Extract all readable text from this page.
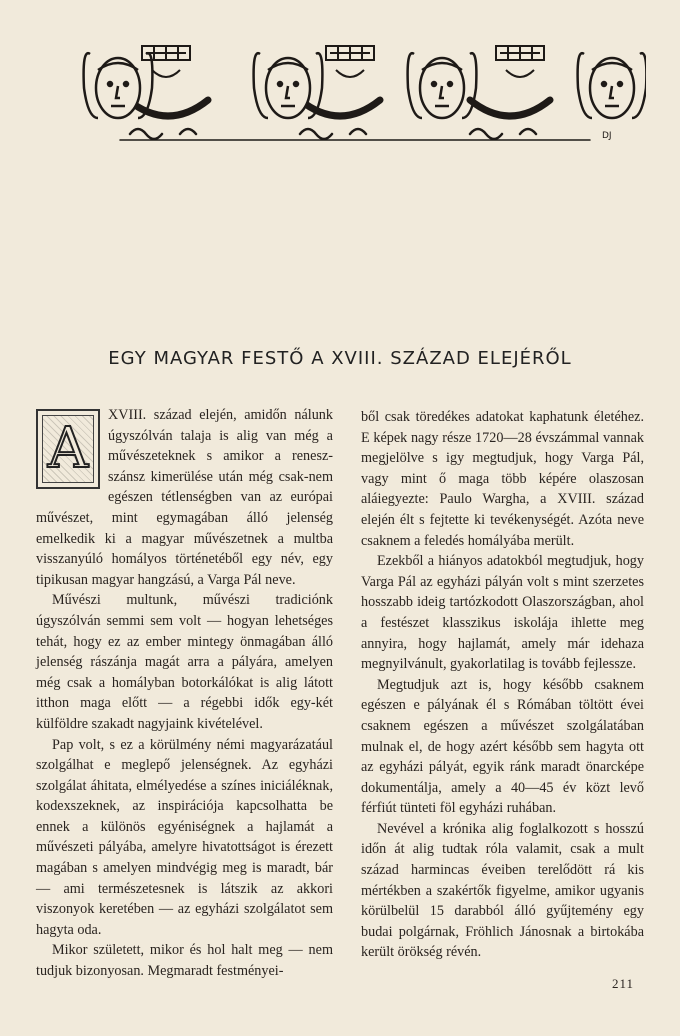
DJ
EGY MAGYAR FESTŐ A XVIII. SZÁZAD ELEJÉRŐL
A

XVIII. század elején, amidőn nálunk úgyszólván talaja is alig van még a művészeteknek s amikor a renesz-szánsz kimerülése után még csak-nem egészen tétlenségben van az európai művészet, mint egymagában álló jelenség emelkedik ki a magyar művészetnek a multba visszanyúló homályos történetéből egy név, egy tipikusan magyar hangzású, a Varga Pál neve.

Művészi multunk, művészi tradiciónk úgyszólván semmi sem volt — hogyan lehetséges tehát, hogy ez az ember mintegy önmagában álló jelenség rászánja magát arra a pályára, amelyen még csak a homályban botorkálókat is alig látott itthon maga előtt — a régebbi idők egy-két külföldre szakadt nagyjaink kivételével.

Pap volt, s ez a körülmény némi magyarázatául szolgálhat e meglepő jelenségnek. Az egyházi szolgálat áhitata, elmélyedése a színes iniciáléknak, kodexszeknek, az inspirációja kapcsolhatta be ennek a különös egyéniségnek a hajlamát a művészeti pályába, amelyre hivatottságot is érezett magában s amelyen mindvégig meg is maradt, bár — ami természetesnek is látszik az akkori viszonyok keretében — az egyházi szolgálatot sem hagyta oda.

Mikor született, mikor és hol halt meg — nem tudjuk bizonyosan. Megmaradt festményei-

ből csak töredékes adatokat kaphatunk életéhez. E képek nagy része 1720—28 évszámmal vannak megjelölve s igy megtudjuk, hogy Varga Pál, vagy mint ő maga több képére olaszosan aláiegyezte: Paulo Wargha, a XVIII. század elején élt s fejtette ki tevékenységét. Azóta neve csaknem a feledés homályába merült.

Ezekből a hiányos adatokból megtudjuk, hogy Varga Pál az egyházi pályán volt s mint szerzetes hosszabb ideig tartózkodott Olaszországban, ahol a festészet klasszikus iskolája ihlette meg annyira, hogy hajlamát, amely már idehaza megnyilvánult, gyakorlatilag is tovább fejlessze.

Megtudjuk azt is, hogy később csaknem egészen e pályának él s Rómában töltött évei csaknem egészen a művészet szolgálatában mulnak el, de hogy azért később sem hagyta ott az egyházi pályát, egyik ránk maradt önarcképe dokumentálja, amely a 40—45 év közt levő férfiút tünteti föl egyházi ruhában.

Nevével a krónika alig foglalkozott s hosszú időn át alig tudtak róla valamit, csak a mult század harmincas éveiben terelődött rá kis mértékben a szakértők figyelme, amikor ugyanis körülbelül 15 darabból álló gyűjtemény egy budai polgárnak, Fröhlich Jánosnak a birtokába került örökség révén.

211
